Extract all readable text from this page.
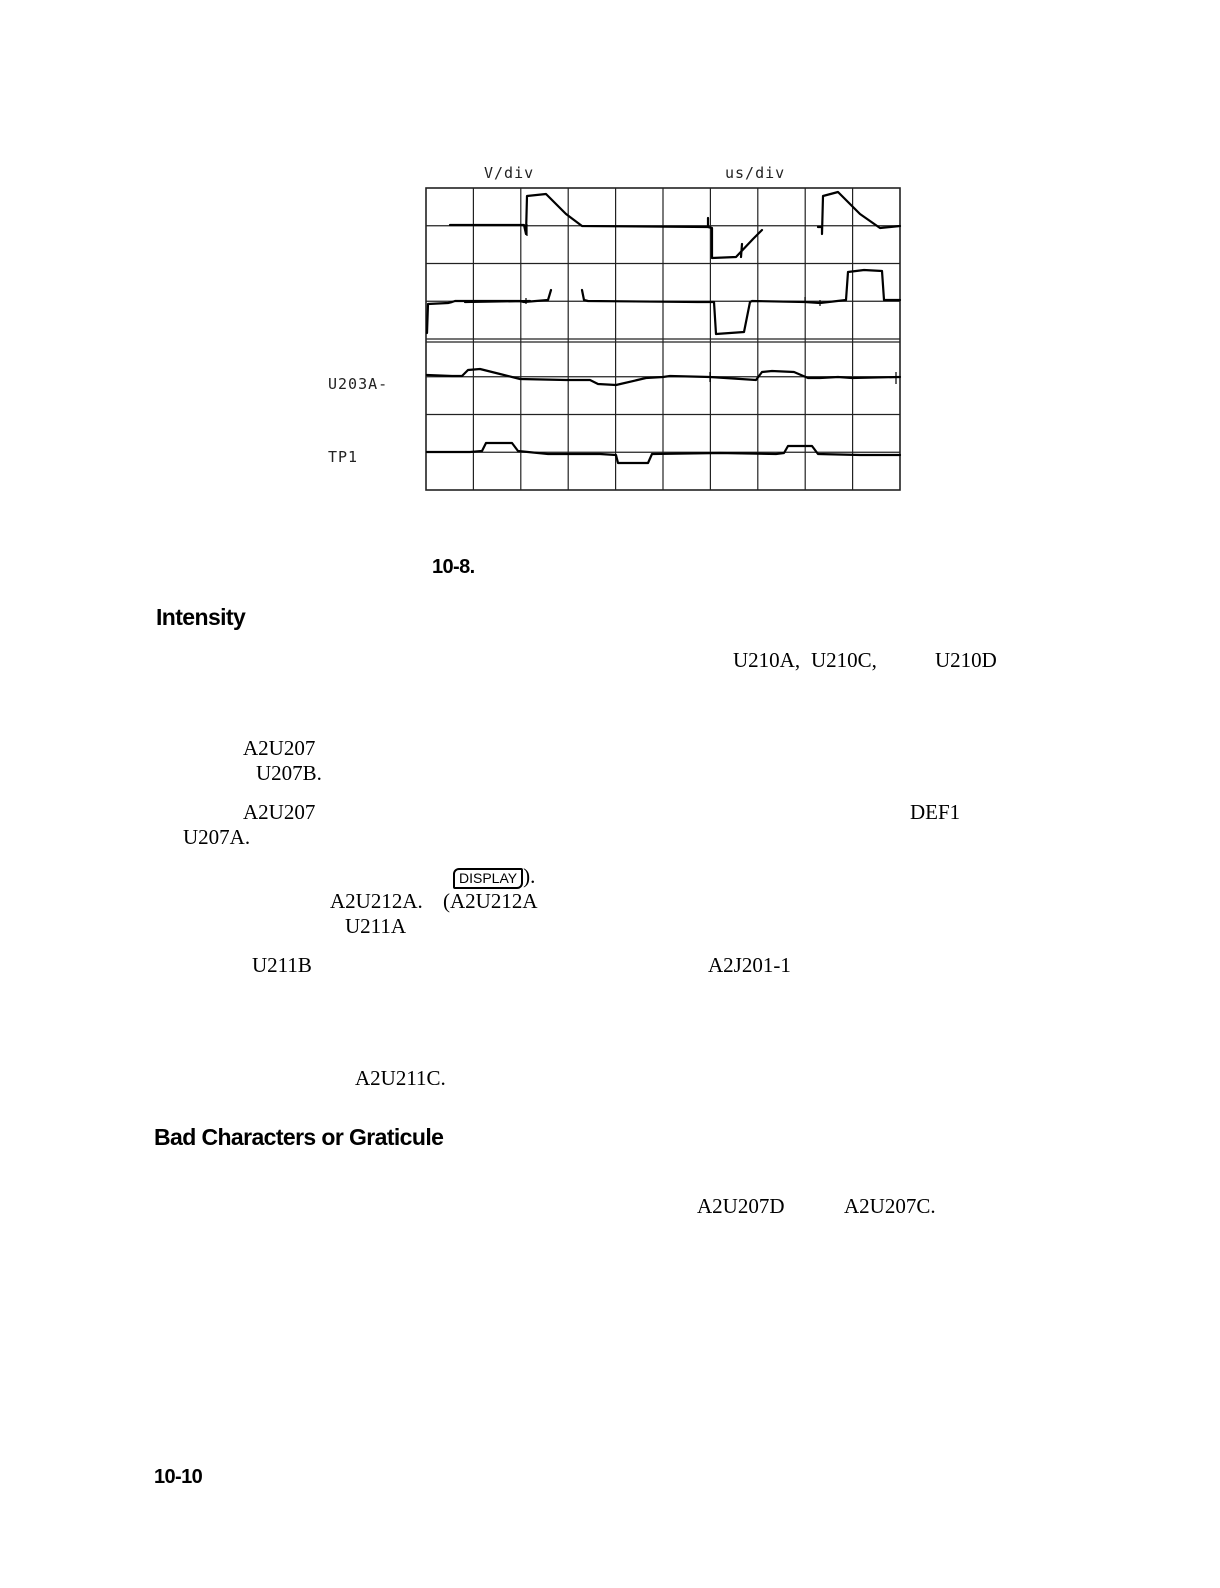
V/div	us/div
U203A-
TP1
10-8.
Intensity
U210A, U210C,	U210D
A2U207
U207B.
A2U207	DEF1
U207A.
DISPLAY ).
A2U212A. (A2U212A
U211A
U211B	A2J201-1
A2U211C.
Bad Characters or Graticule
A2U207D	A2U207C.
10-10
